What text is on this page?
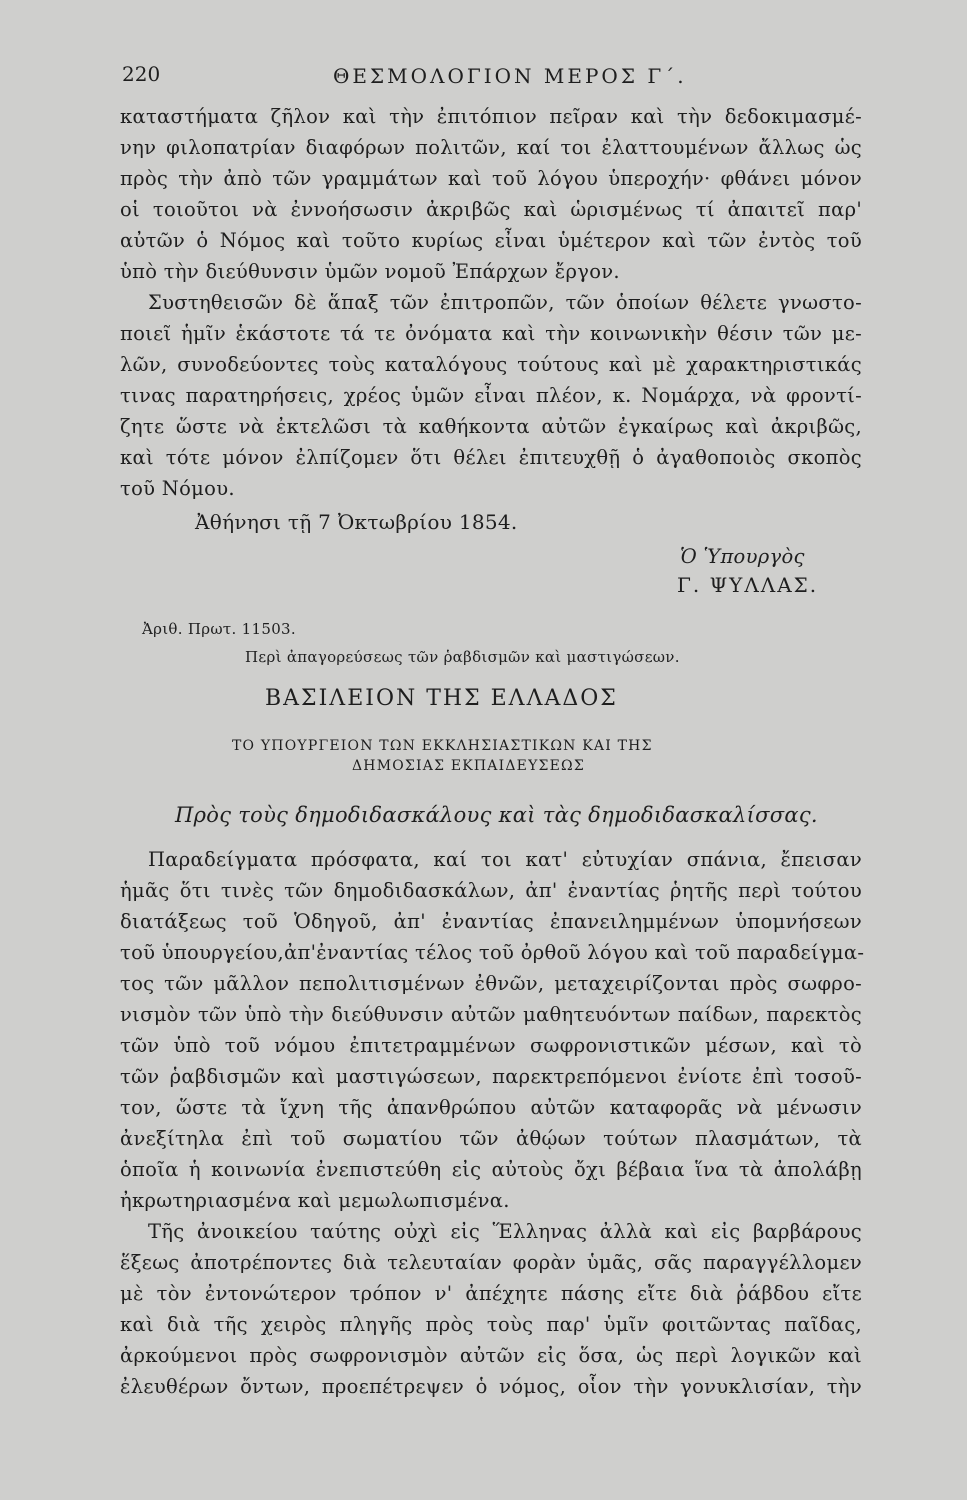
220	ΘΕΣΜΟΛΟΓΙΟΝ ΜΕΡΟΣ Γ΄.
καταστήματα ζῆλον καὶ τὴν ἐπιτόπιον πεῖραν καὶ τὴν δεδοκιμασμέ-
νην φιλοπατρίαν διαφόρων πολιτῶν, καί τοι ἐλαττουμένων ἄλλως ὡς
πρὸς τὴν ἀπὸ τῶν γραμμάτων καὶ τοῦ λόγου ὑπεροχήν· φθάνει μόνον
οἱ τοιοῦτοι νὰ ἐννοήσωσιν ἀκριβῶς καὶ ὡρισμένως τί ἀπαιτεῖ παρ'
αὐτῶν ὁ Νόμος καὶ τοῦτο κυρίως εἶναι ὑμέτερον καὶ τῶν ἐντὸς τοῦ
ὑπὸ τὴν διεύθυνσιν ὑμῶν νομοῦ Ἐπάρχων ἔργον.
Συστηθεισῶν δὲ ἅπαξ τῶν ἐπιτροπῶν, τῶν ὁποίων θέλετε γνωστο-
ποιεῖ ἡμῖν ἑκάστοτε τά τε ὀνόματα καὶ τὴν κοινωνικὴν θέσιν τῶν με-
λῶν, συνοδεύοντες τοὺς καταλόγους τούτους καὶ μὲ χαρακτηριστικάς
τινας παρατηρήσεις, χρέος ὑμῶν εἶναι πλέον, κ. Νομάρχα, νὰ φροντί-
ζητε ὥστε νὰ ἐκτελῶσι τὰ καθήκοντα αὐτῶν ἐγκαίρως καὶ ἀκριβῶς,
καὶ τότε μόνον ἐλπίζομεν ὅτι θέλει ἐπιτευχθῇ ὁ ἀγαθοποιὸς σκοπὸς
τοῦ Νόμου.
Ἀθήνησι τῇ 7 Ὀκτωβρίου 1854.
Ὁ Ὑπουργὸς
Γ. ΨΥΛΛΑΣ.
Ἀριθ. Πρωτ. 11503.
Περὶ ἀπαγορεύσεως τῶν ῥαβδισμῶν καὶ μαστιγώσεων.
ΒΑΣΙΛΕΙΟΝ ΤΗΣ ΕΛΛΑΔΟΣ
ΤΟ ΥΠΟΥΡΓΕΙΟΝ ΤΩΝ ΕΚΚΛΗΣΙΑΣΤΙΚΩΝ ΚΑΙ ΤΗΣ
ΔΗΜΟΣΙΑΣ ΕΚΠΑΙΔΕΥΣΕΩΣ
Πρὸς τοὺς δημοδιδασκάλους καὶ τὰς δημοδιδασκαλίσσας.
Παραδείγματα πρόσφατα, καί τοι κατ' εὐτυχίαν σπάνια, ἔπεισαν
ἡμᾶς ὅτι τινὲς τῶν δημοδιδασκάλων, ἀπ' ἐναντίας ῥητῆς περὶ τούτου
διατάξεως τοῦ Ὁδηγοῦ, ἀπ' ἐναντίας ἐπανειλημμένων ὑπομνήσεων
τοῦ ὑπουργείου,ἀπ'ἐναντίας τέλος τοῦ ὀρθοῦ λόγου καὶ τοῦ παραδείγμα-
τος τῶν μᾶλλον πεπολιτισμένων ἐθνῶν, μεταχειρίζονται πρὸς σωφρο-
νισμὸν τῶν ὑπὸ τὴν διεύθυνσιν αὐτῶν μαθητευόντων παίδων, παρεκτὸς
τῶν ὑπὸ τοῦ νόμου ἐπιτετραμμένων σωφρονιστικῶν μέσων, καὶ τὸ
τῶν ῥαβδισμῶν καὶ μαστιγώσεων, παρεκτρεπόμενοι ἐνίοτε ἐπὶ τοσοῦ-
τον, ὥστε τὰ ἴχνη τῆς ἀπανθρώπου αὐτῶν καταφορᾶς νὰ μένωσιν
ἀνεξίτηλα ἐπὶ τοῦ σωματίου τῶν ἀθῴων τούτων πλασμάτων, τὰ
ὁποῖα ἡ κοινωνία ἐνεπιστεύθη εἰς αὐτοὺς ὄχι βέβαια ἵνα τὰ ἀπολάβῃ
ἠκρωτηριασμένα καὶ μεμωλωπισμένα.
Τῆς ἀνοικείου ταύτης οὐχὶ εἰς Ἕλληνας ἀλλὰ καὶ εἰς βαρβάρους
ἕξεως ἀποτρέποντες διὰ τελευταίαν φορὰν ὑμᾶς, σᾶς παραγγέλλομεν
μὲ τὸν ἐντονώτερον τρόπον ν' ἀπέχητε πάσης εἴτε διὰ ῥάβδου εἴτε
καὶ διὰ τῆς χειρὸς πληγῆς πρὸς τοὺς παρ' ὑμῖν φοιτῶντας παῖδας,
ἀρκούμενοι πρὸς σωφρονισμὸν αὐτῶν εἰς ὅσα, ὡς περὶ λογικῶν καὶ
ἐλευθέρων ὄντων, προεπέτρεψεν ὁ νόμος, οἷον τὴν γονυκλισίαν, τὴν
